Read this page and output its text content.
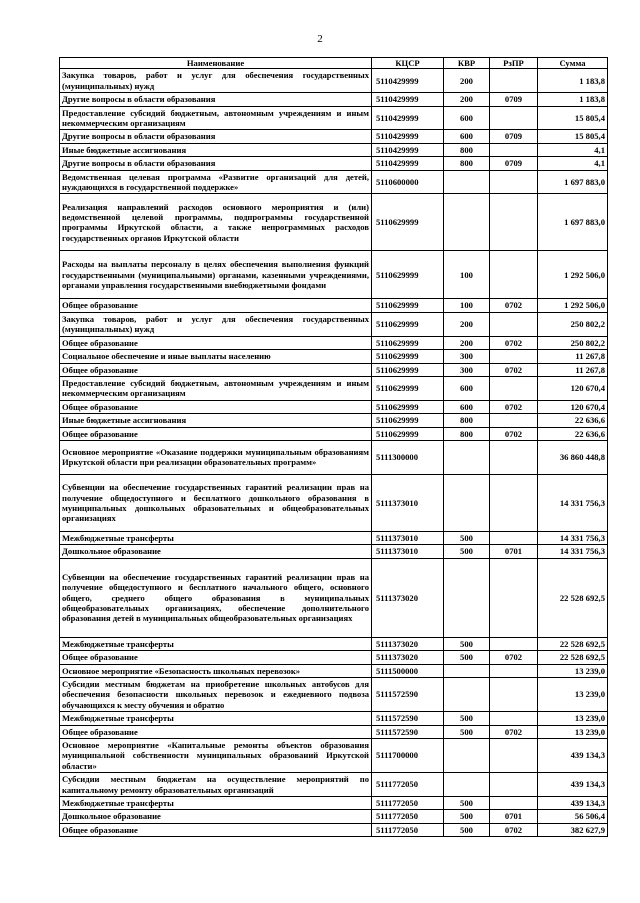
2
Наименование	КЦСР	КВР	РзПР	Сумма
Закупка товаров, работ и услуг для обеспечения государственных (муниципальных) нужд	5110429999	200		1 183,8
Другие вопросы в области образования	5110429999	200	0709	1 183,8
Предоставление субсидий бюджетным, автономным учреждениям и иным некоммерческим организациям	5110429999	600		15 805,4
Другие вопросы в области образования	5110429999	600	0709	15 805,4
Иные бюджетные ассигнования	5110429999	800		4,1
Другие вопросы в области образования	5110429999	800	0709	4,1
Ведомственная целевая программа «Развитие организаций для детей, нуждающихся в государственной поддержке»	5110600000			1 697 883,0
Реализация направлений расходов основного мероприятия и (или) ведомственной целевой программы, подпрограммы государственной программы Иркутской области, а также непрограммных расходов государственных органов Иркутской области	5110629999			1 697 883,0
Расходы на выплаты персоналу в целях обеспечения выполнения функций государственными (муниципальными) органами, казенными учреждениями, органами управления государственными внебюджетными фондами	5110629999	100		1 292 506,0
Общее образование	5110629999	100	0702	1 292 506,0
Закупка товаров, работ и услуг для обеспечения государственных (муниципальных) нужд	5110629999	200		250 802,2
Общее образование	5110629999	200	0702	250 802,2
Социальное обеспечение и иные выплаты населению	5110629999	300		11 267,8
Общее образование	5110629999	300	0702	11 267,8
Предоставление субсидий бюджетным, автономным учреждениям и иным некоммерческим организациям	5110629999	600		120 670,4
Общее образование	5110629999	600	0702	120 670,4
Иные бюджетные ассигнования	5110629999	800		22 636,6
Общее образование	5110629999	800	0702	22 636,6
Основное мероприятие «Оказание поддержки муниципальным образованиям Иркутской области при реализации образовательных программ»	5111300000			36 860 448,8
Субвенции на обеспечение государственных гарантий реализации прав на получение общедоступного и бесплатного дошкольного образования в муниципальных дошкольных образовательных и общеобразовательных организациях	5111373010			14 331 756,3
Межбюджетные трансферты	5111373010	500		14 331 756,3
Дошкольное образование	5111373010	500	0701	14 331 756,3
Субвенции на обеспечение государственных гарантий реализации прав на получение общедоступного и бесплатного начального общего, основного общего, среднего общего образования в муниципальных общеобразовательных организациях, обеспечение дополнительного образования детей в муниципальных общеобразовательных организациях	5111373020			22 528 692,5
Межбюджетные трансферты	5111373020	500		22 528 692,5
Общее образование	5111373020	500	0702	22 528 692,5
Основное мероприятие «Безопасность школьных перевозок»	5111500000			13 239,0
Субсидии местным бюджетам на приобретение школьных автобусов для обеспечения безопасности школьных перевозок и ежедневного подвоза обучающихся к месту обучения и обратно	5111572590			13 239,0
Межбюджетные трансферты	5111572590	500		13 239,0
Общее образование	5111572590	500	0702	13 239,0
Основное мероприятие «Капитальные ремонты объектов образования муниципальной собственности муниципальных образований Иркутской области»	5111700000			439 134,3
Субсидии местным бюджетам на осуществление мероприятий по капитальному ремонту образовательных организаций	5111772050			439 134,3
Межбюджетные трансферты	5111772050	500		439 134,3
Дошкольное образование	5111772050	500	0701	56 506,4
Общее образование	5111772050	500	0702	382 627,9
